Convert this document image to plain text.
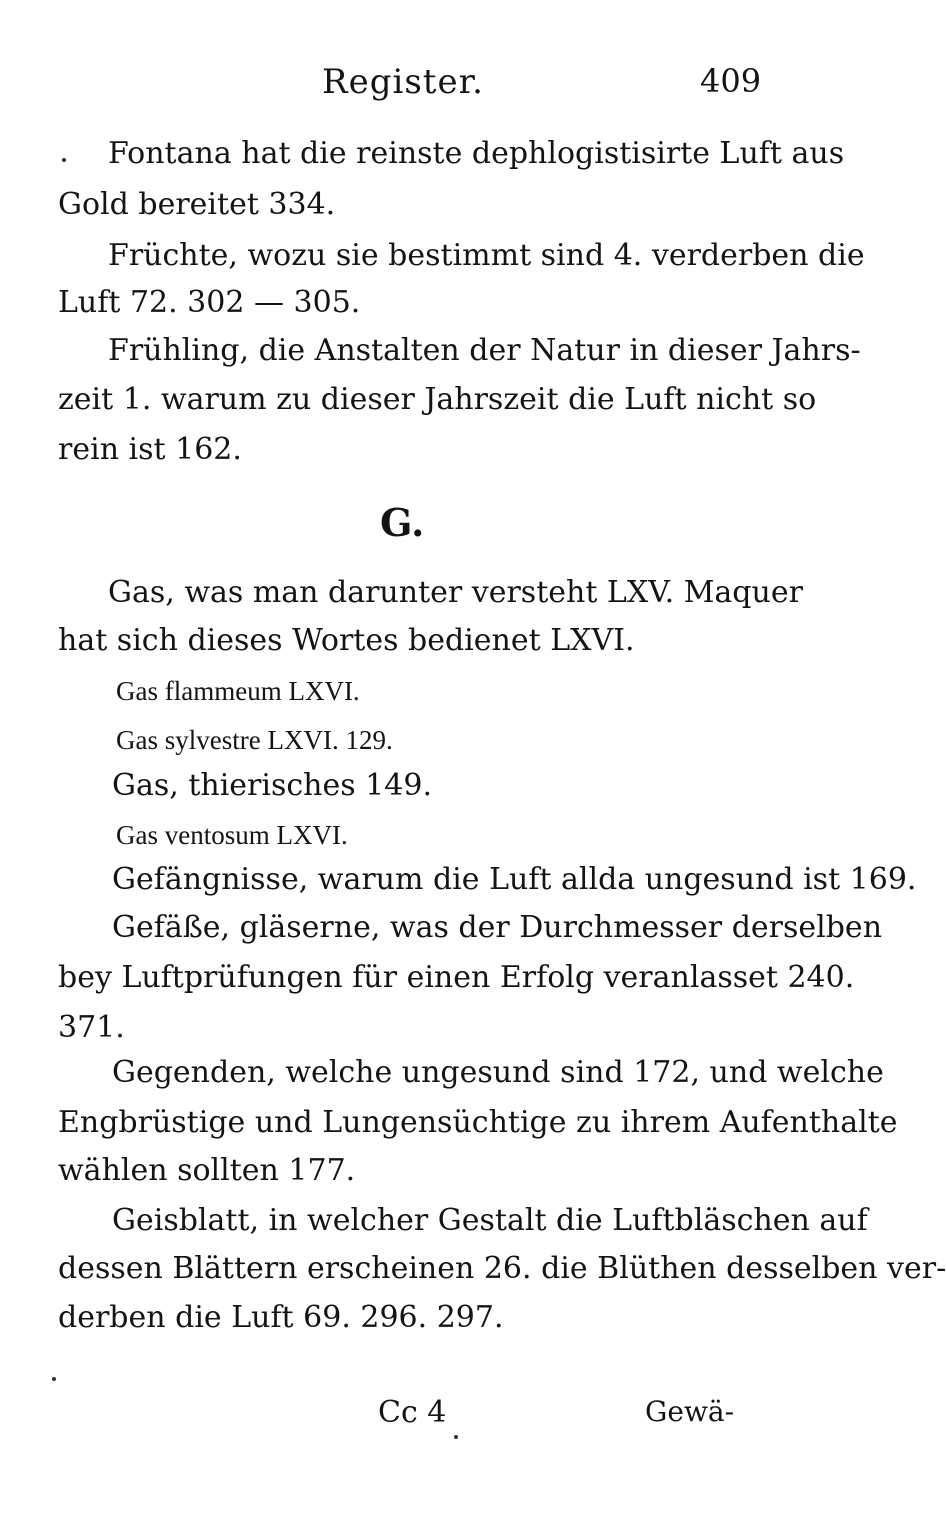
Register.	409
Fontana hat die reinste dephlogistisirte Luft aus
Gold bereitet 334.
Früchte, wozu sie bestimmt sind 4. verderben die
Luft 72. 302 — 305.
Frühling, die Anstalten der Natur in dieser Jahrs-
zeit 1. warum zu dieser Jahrszeit die Luft nicht so
rein ist 162.
G.
Gas, was man darunter versteht LXV. Maquer
hat sich dieses Wortes bedienet LXVI.
Gas flammeum LXVI.
Gas sylvestre LXVI. 129.
Gas, thierisches 149.
Gas ventosum LXVI.
Gefängnisse, warum die Luft allda ungesund ist 169.
Gefäße, gläserne, was der Durchmesser derselben
bey Luftprüfungen für einen Erfolg veranlasset 240.
371.
Gegenden, welche ungesund sind 172, und welche
Engbrüstige und Lungensüchtige zu ihrem Aufenthalte
wählen sollten 177.
Geisblatt, in welcher Gestalt die Luftbläschen auf
dessen Blättern erscheinen 26. die Blüthen desselben ver-
derben die Luft 69. 296. 297.
Cc 4	Gewä-
